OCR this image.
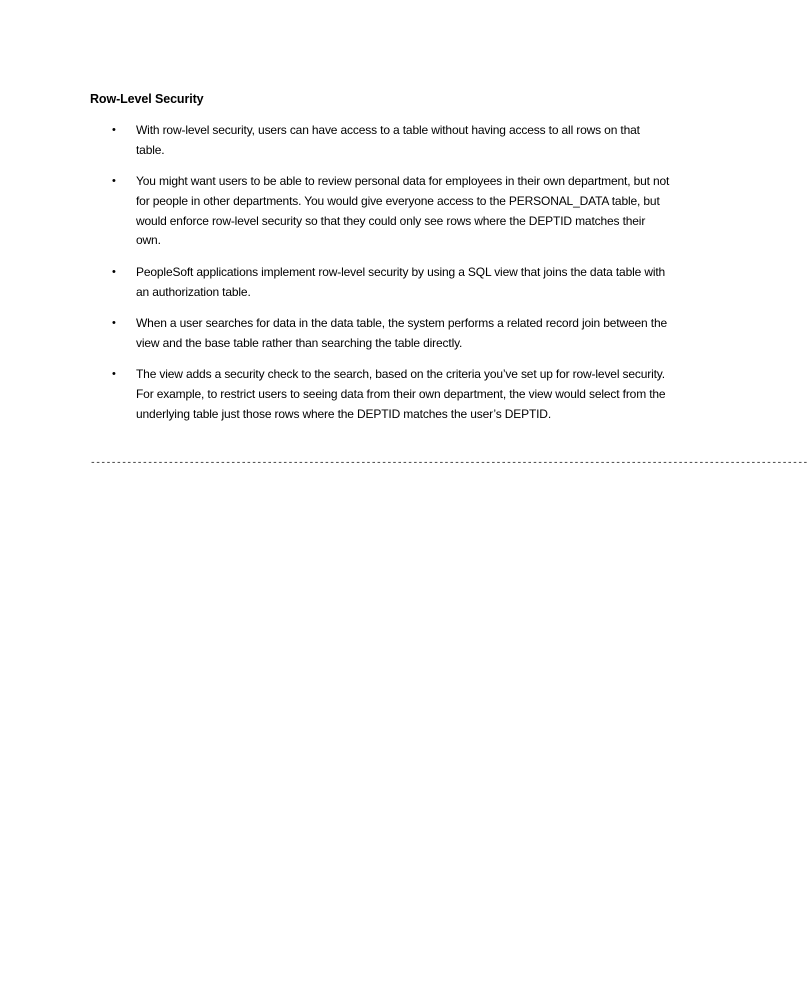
Row-Level Security

• With row-level security, users can have access to a table without having access to all rows on that table.
• You might want users to be able to review personal data for employees in their own department, but not for people in other departments. You would give everyone access to the PERSONAL_DATA table, but would enforce row-level security so that they could only see rows where the DEPTID matches their own.
• PeopleSoft applications implement row-level security by using a SQL view that joins the data table with an authorization table.
• When a user searches for data in the data table, the system performs a related record join between the view and the base table rather than searching the table directly.
• The view adds a security check to the search, based on the criteria you’ve set up for row-level security. For example, to restrict users to seeing data from their own department, the view would select from the underlying table just those rows where the DEPTID matches the user’s DEPTID.

------------------------------------------------------------------------------------------------------------------------------------------
